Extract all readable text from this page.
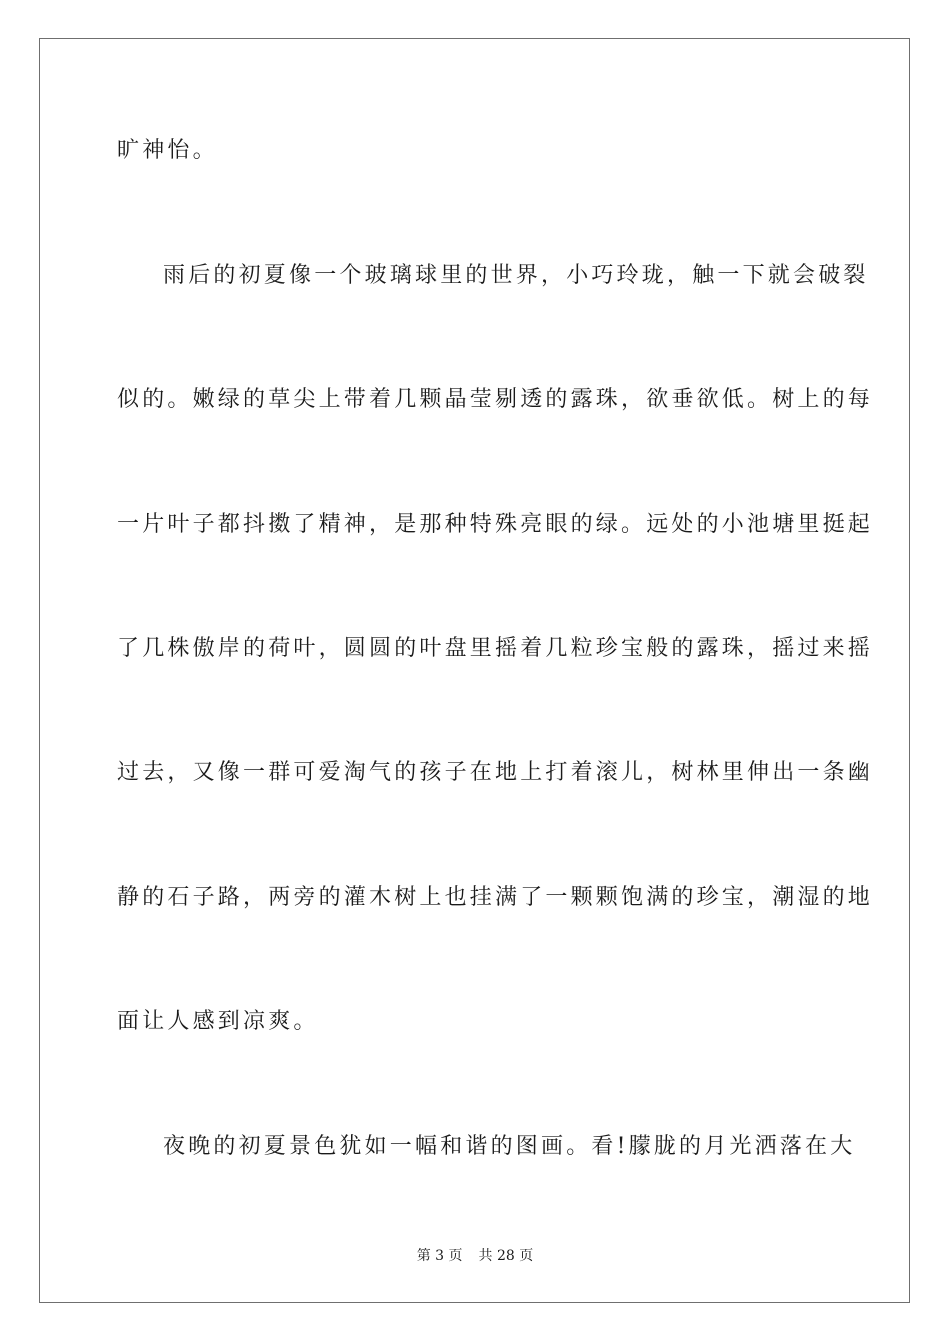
旷神怡。
雨后的初夏像一个玻璃球里的世界，小巧玲珑，触一下就会破裂
似的。嫩绿的草尖上带着几颗晶莹剔透的露珠，欲垂欲低。树上的每
一片叶子都抖擞了精神，是那种特殊亮眼的绿。远处的小池塘里挺起
了几株傲岸的荷叶，圆圆的叶盘里摇着几粒珍宝般的露珠，摇过来摇
过去，又像一群可爱淘气的孩子在地上打着滚儿，树林里伸出一条幽
静的石子路，两旁的灌木树上也挂满了一颗颗饱满的珍宝，潮湿的地
面让人感到凉爽。
夜晚的初夏景色犹如一幅和谐的图画。看!朦胧的月光洒落在大
第 3 页 共 28 页
